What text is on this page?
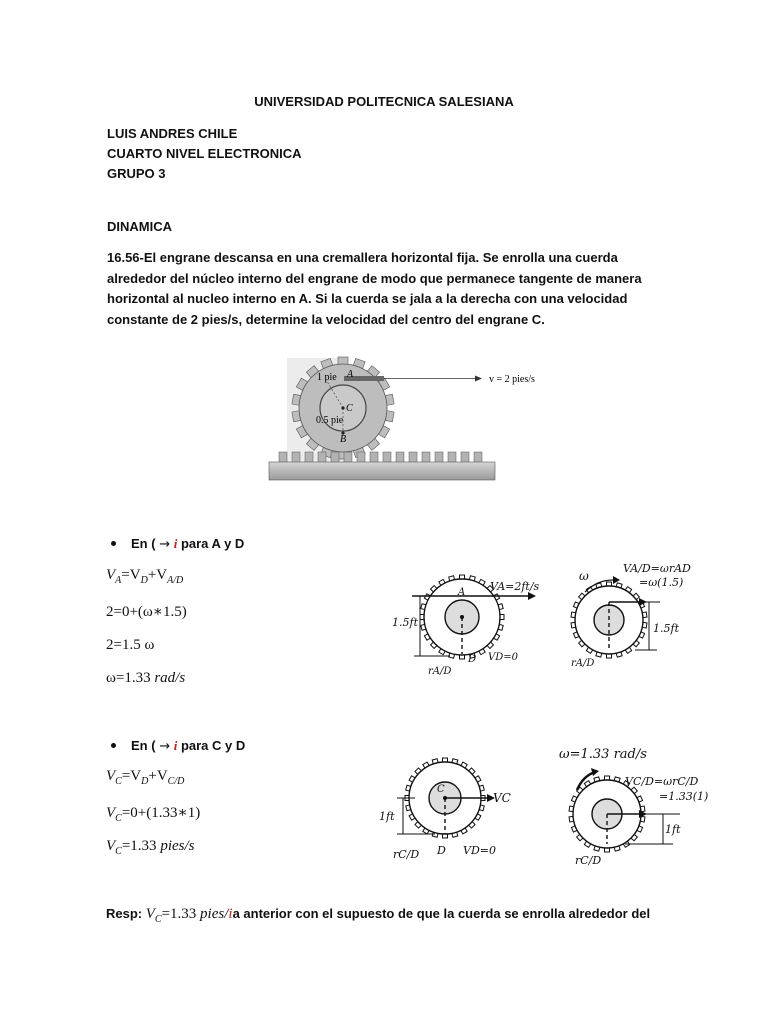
UNIVERSIDAD POLITECNICA SALESIANA
LUIS ANDRES CHILE
CUARTO NIVEL ELECTRONICA
GRUPO 3
DINAMICA
16.56-El engrane descansa en una cremallera horizontal fija. Se enrolla una cuerda alrededor del núcleo interno del engrane de modo que permanece tangente de manera horizontal al nucleo interno en A. Si la cuerda se jala a la derecha con una velocidad constante de 2 pies/s, determine la velocidad del centro del engrane C.
1 pie A
C
0.5 pie
B
v = 2 pies/s
En ( → i para A y D
$V_A=V_D+V_{A/D}$
2=0+(ω∗1.5)
2=1.5 ω
ω=1.33 rad/s
VA=2ft/s
A
1.5ft
D VD=0
rA/D
VA/D=ωrAD
=ω(1.5)
ω
1.5ft
rA/D
En ( → i para C y D
$V_C=V_D+V_{C/D}$
$V_C=0+(1.33∗1)$
$V_C=1.33$ pies/s
C
1ft
VC
D VD=0
rC/D
ω=1.33 rad/s
VC/D=ωrC/D
=1.33(1)
1ft
rC/D
Resp: $V_C=1.33$ pies/ia anterior con el supuesto de que la cuerda se enrolla alrededor del
